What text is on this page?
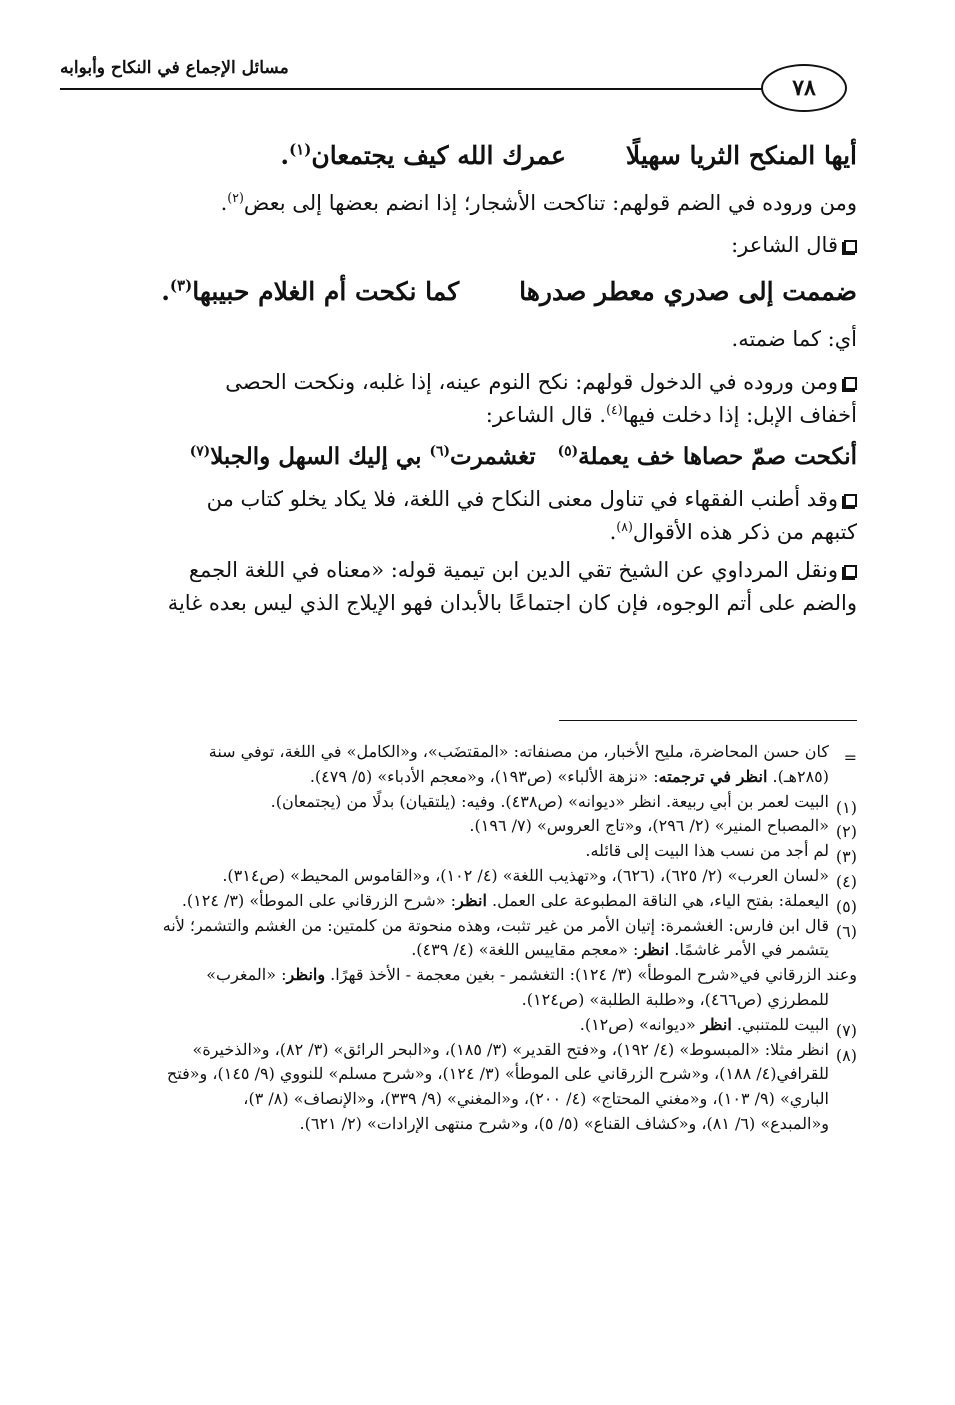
مسائل الإجماع في النكاح وأبوابه
٧٨

أيها المنكح الثريا سهيلًاعمرك الله كيف يجتمعان$^{(١)}$.

ومن وروده في الضم قولهم: تناكحت الأشجار؛ إذا انضم بعضها إلى بعض$^{(٢)}$.

قال الشاعر:

ضممت إلى صدري معطر صدرهاكما نكحت أم الغلام حبيبها$^{(٣)}$.

أي: كما ضمته.

ومن وروده في الدخول قولهم: نكح النوم عينه، إذا غلبه، ونكحت الحصى
أخفاف الإبل: إذا دخلت فيها$^{(٤)}$. قال الشاعر:

أنكحت صمّ حصاها خف يعملة$^{(٥)}$تغشمرت$^{(٦)}$ بي إليك السهل والجبلا$^{(٧)}$

وقد أطنب الفقهاء في تناول معنى النكاح في اللغة، فلا يكاد يخلو كتاب من
كتبهم من ذكر هذه الأقوال$^{(٨)}$.

ونقل المرداوي عن الشيخ تقي الدين ابن تيمية قوله: «معناه في اللغة الجمع
والضم على أتم الوجوه، فإن كان اجتماعًا بالأبدان فهو الإيلاج الذي ليس بعده غاية

=
كان حسن المحاضرة، مليح الأخبار، من مصنفاته: «المقتضَب»، و«الكامل» في اللغة، توفي سنة
(٢٨٥هـ). انظر في ترجمته: «نزهة الألباء» (ص١٩٣)، و«معجم الأدباء» (٥/ ٤٧٩).
(١)
البيت لعمر بن أبي ربيعة. انظر «ديوانه» (ص٤٣٨). وفيه: (يلتقيان) بدلًا من (يجتمعان).
(٢)
«المصباح المنير» (٢/ ٢٩٦)، و«تاج العروس» (٧/ ١٩٦).
(٣)
لم أجد من نسب هذا البيت إلى قائله.
(٤)
«لسان العرب» (٢/ ٦٢٥)، (٦٢٦)، و«تهذيب اللغة» (٤/ ١٠٢)، و«القاموس المحيط» (ص٣١٤).
(٥)
اليعملة: بفتح الياء، هي الناقة المطبوعة على العمل. انظر: «شرح الزرقاني على الموطأ» (٣/ ١٢٤).
(٦)
قال ابن فارس: الغشمرة: إتيان الأمر من غير تثبت، وهذه منحوتة من كلمتين: من الغشم والتشمر؛ لأنه
يتشمر في الأمر غاشمًا. انظر: «معجم مقاييس اللغة» (٤/ ٤٣٩).
وعند الزرقاني في«شرح الموطأ» (٣/ ١٢٤): التغشمر - بغين معجمة - الأخذ قهرًا. وانظر: «المغرب»
للمطرزي (ص٤٦٦)، و«طلبة الطلبة» (ص١٢٤).
(٧)
البيت للمتنبي. انظر «ديوانه» (ص١٢).
(٨)
انظر مثلا: «المبسوط» (٤/ ١٩٢)، و«فتح القدير» (٣/ ١٨٥)، و«البحر الرائق» (٣/ ٨٢)، و«الذخيرة»
للقرافي(٤/ ١٨٨)، و«شرح الزرقاني على الموطأ» (٣/ ١٢٤)، و«شرح مسلم» للنووي (٩/ ١٤٥)، و«فتح
الباري» (٩/ ١٠٣)، و«مغني المحتاج» (٤/ ٢٠٠)، و«المغني» (٩/ ٣٣٩)، و«الإنصاف» (٨/ ٣)،
و«المبدع» (٦/ ٨١)، و«كشاف القناع» (٥/ ٥)، و«شرح منتهى الإرادات» (٢/ ٦٢١).
